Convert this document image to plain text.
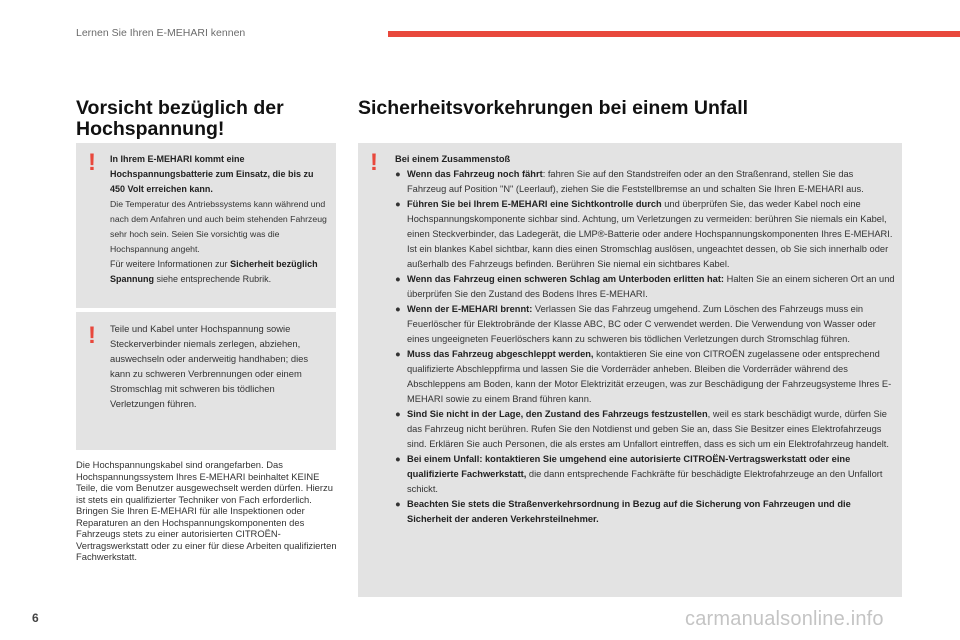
Lernen Sie Ihren E-MEHARI kennen
Vorsicht bezüglich der Hochspannung!
Sicherheitsvorkehrungen bei einem Unfall
! In Ihrem E-MEHARI kommt eine Hochspannungsbatterie zum Einsatz, die bis zu 450 Volt erreichen kann.
Die Temperatur des Antriebssystems kann während und nach dem Anfahren und auch beim stehenden Fahrzeug sehr hoch sein. Seien Sie vorsichtig was die Hochspannung angeht.
Für weitere Informationen zur Sicherheit bezüglich Spannung siehe entsprechende Rubrik.
! Teile und Kabel unter Hochspannung sowie Steckerverbinder niemals zerlegen, abziehen, auswechseln oder anderweitig handhaben; dies kann zu schweren Verbrennungen oder einem Stromschlag mit schweren bis tödlichen Verletzungen führen.
Die Hochspannungskabel sind orangefarben. Das Hochspannungssystem Ihres E-MEHARI beinhaltet KEINE Teile, die vom Benutzer ausgewechselt werden dürfen. Hierzu ist stets ein qualifizierter Techniker von Fach erforderlich.
Bringen Sie Ihren E-MEHARI für alle Inspektionen oder Reparaturen an den Hochspannungskomponenten des Fahrzeugs stets zu einer autorisierten CITROËN-Vertragswerkstatt oder zu einer für diese Arbeiten qualifizierten Fachwerkstatt.
! Bei einem Zusammenstoß
● Wenn das Fahrzeug noch fährt: fahren Sie auf den Standstreifen oder an den Straßenrand, stellen Sie das Fahrzeug auf Position "N" (Leerlauf), ziehen Sie die Feststellbremse an und schalten Sie Ihren E-MEHARI aus.
● Führen Sie bei Ihrem E-MEHARI eine Sichtkontrolle durch und überprüfen Sie, das weder Kabel noch eine Hochspannungskomponente sichbar sind. Achtung, um Verletzungen zu vermeiden: berühren Sie niemals ein Kabel, einen Steckverbinder, das Ladegerät, die LMP®-Batterie oder andere Hochspannungskomponenten Ihres E-MEHARI. Ist ein blankes Kabel sichtbar, kann dies einen Stromschlag auslösen, ungeachtet dessen, ob Sie sich innerhalb oder außerhalb des Fahrzeugs befinden. Berühren Sie niemal ein sichtbares Kabel.
● Wenn das Fahrzeug einen schweren Schlag am Unterboden erlitten hat: Halten Sie an einem sicheren Ort an und überprüfen Sie den Zustand des Bodens Ihres E-MEHARI.
● Wenn der E-MEHARI brennt: Verlassen Sie das Fahrzeug umgehend. Zum Löschen des Fahrzeugs muss ein Feuerlöscher für Elektrobrände der Klasse ABC, BC oder C verwendet werden. Die Verwendung von Wasser oder eines ungeeigneten Feuerlöschers kann zu schweren bis tödlichen Verletzungen durch Stromschlag führen.
● Muss das Fahrzeug abgeschleppt werden, kontaktieren Sie eine von CITROËN zugelassene oder entsprechend qualifizierte Abschleppfirma und lassen Sie die Vorderräder anheben. Bleiben die Vorderräder während des Abschleppens am Boden, kann der Motor Elektrizität erzeugen, was zur Beschädigung der Fahrzeugsysteme Ihres E-MEHARI sowie zu einem Brand führen kann.
● Sind Sie nicht in der Lage, den Zustand des Fahrzeugs festzustellen, weil es stark beschädigt wurde, dürfen Sie das Fahrzeug nicht berühren. Rufen Sie den Notdienst und geben Sie an, dass Sie Besitzer eines Elektrofahrzeugs sind. Erklären Sie auch Personen, die als erstes am Unfallort eintreffen, dass es sich um ein Elektrofahrzeug handelt.
● Bei einem Unfall: kontaktieren Sie umgehend eine autorisierte CITROËN-Vertragswerkstatt oder eine qualifizierte Fachwerkstatt, die dann entsprechende Fachkräfte für beschädigte Elektrofahrzeuge an den Unfallort schickt.
● Beachten Sie stets die Straßenverkehrsordnung in Bezug auf die Sicherung von Fahrzeugen und die Sicherheit der anderen Verkehrsteilnehmer.
6	carmanualsonline.info
